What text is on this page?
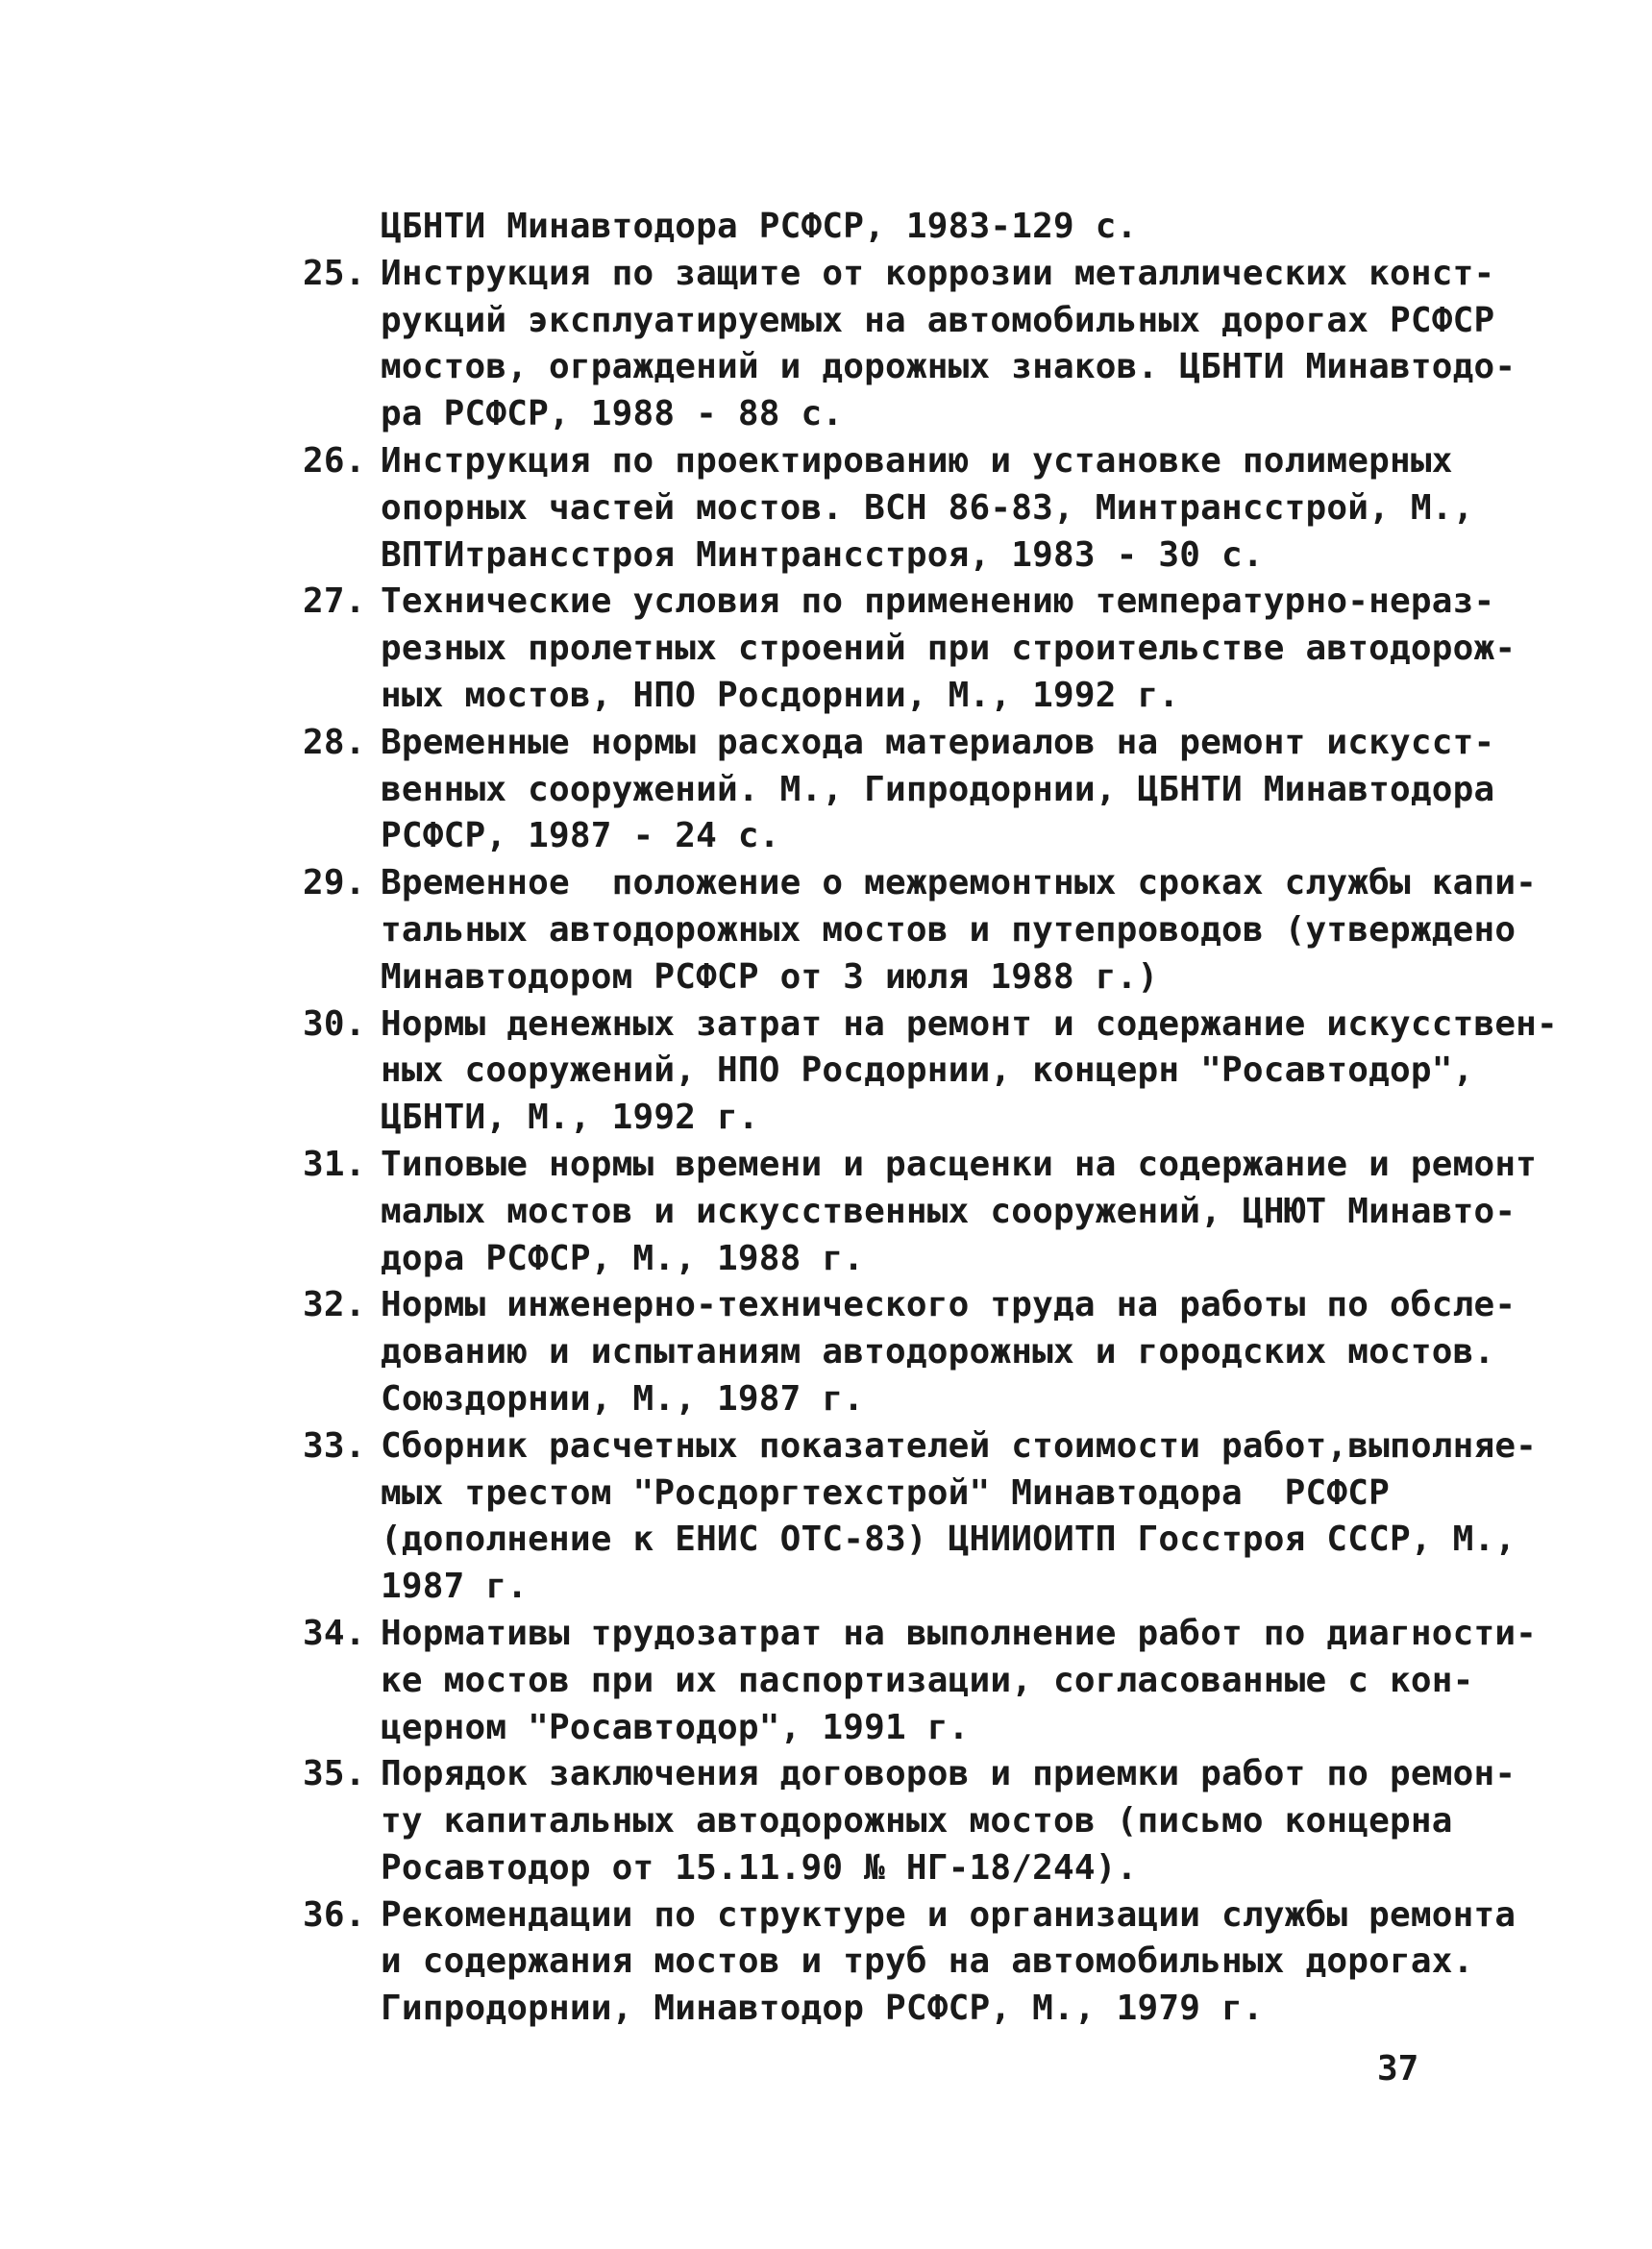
ЦБНТИ Минавтодора РСФСР, 1983-129 с.
25. Инструкция по защите от коррозии металлических конст-
рукций эксплуатируемых на автомобильных дорогах РСФСР
мостов, ограждений и дорожных знаков. ЦБНТИ Минавтодо-
ра РСФСР, 1988 - 88 с.
26. Инструкция по проектированию и установке полимерных
опорных частей мостов. ВСН 86-83, Минтрансстрой, М.,
ВПТИтрансстроя Минтрансстроя, 1983 - 30 с.
27. Технические условия по применению температурно-нераз-
резных пролетных строений при строительстве автодорож-
ных мостов, НПО Росдорнии, М., 1992 г.
28. Временные нормы расхода материалов на ремонт искусст-
венных сооружений. М., Гипродорнии, ЦБНТИ Минавтодора
РСФСР, 1987 - 24 с.
29. Временное  положение о межремонтных сроках службы капи-
тальных автодорожных мостов и путепроводов (утверждено
Минавтодором РСФСР от 3 июля 1988 г.)
30. Нормы денежных затрат на ремонт и содержание искусствен-
ных сооружений, НПО Росдорнии, концерн "Росавтодор",
ЦБНТИ, М., 1992 г.
31. Типовые нормы времени и расценки на содержание и ремонт
малых мостов и искусственных сооружений, ЦНЮТ Минавто-
дора РСФСР, М., 1988 г.
32. Нормы инженерно-технического труда на работы по обсле-
дованию и испытаниям автодорожных и городских мостов.
Союздорнии, М., 1987 г.
33. Сборник расчетных показателей стоимости работ,выполняе-
мых трестом "Росдоргтехстрой" Минавтодора  РСФСР
(дополнение к ЕНИС ОТС-83) ЦНИИОИТП Госстроя СССР, М.,
1987 г.
34. Нормативы трудозатрат на выполнение работ по диагности-
ке мостов при их паспортизации, согласованные с кон-
церном "Росавтодор", 1991 г.
35. Порядок заключения договоров и приемки работ по ремон-
ту капитальных автодорожных мостов (письмо концерна
Росавтодор от 15.11.90 № НГ-18/244).
36. Рекомендации по структуре и организации службы ремонта
и содержания мостов и труб на автомобильных дорогах.
Гипродорнии, Минавтодор РСФСР, М., 1979 г.
37
